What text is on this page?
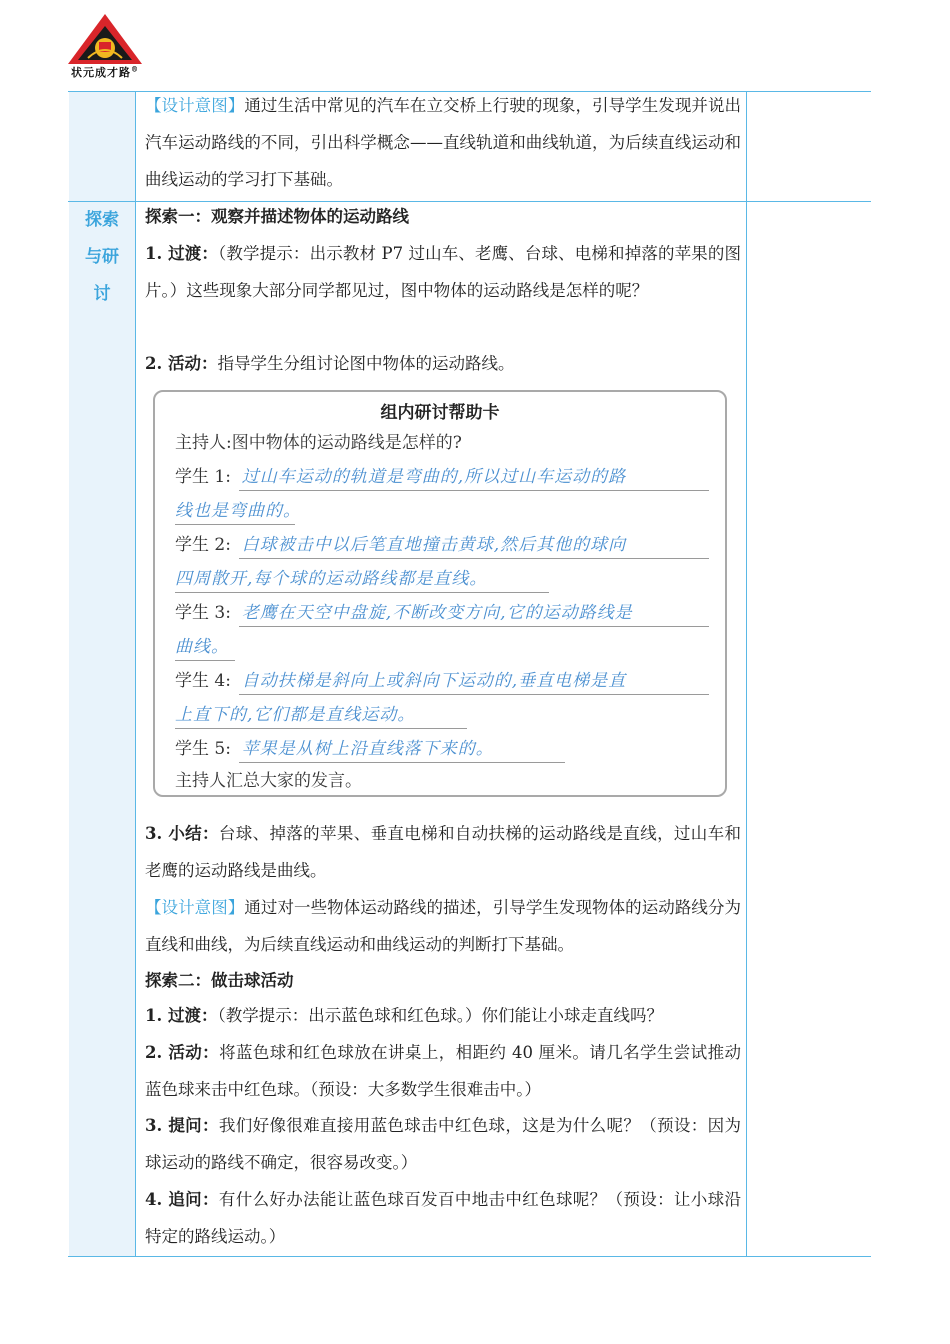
状元成才路®
探索
与研
讨
【设计意图】通过生活中常见的汽车在立交桥上行驶的现象，引导学生发现并说出汽车运动路线的不同，引出科学概念——直线轨道和曲线轨道，为后续直线运动和曲线运动的学习打下基础。
探索一：观察并描述物体的运动路线
1. 过渡：（教学提示：出示教材 P7 过山车、老鹰、台球、电梯和掉落的苹果的图片。）这些现象大部分同学都见过，图中物体的运动路线是怎样的呢？
2. 活动：指导学生分组讨论图中物体的运动路线。
组内研讨帮助卡
主持人:图中物体的运动路线是怎样的?
学生 1: 过山车运动的轨道是弯曲的,所以过山车运动的路
线也是弯曲的。
学生 2: 白球被击中以后笔直地撞击黄球,然后其他的球向
四周散开,每个球的运动路线都是直线。
学生 3: 老鹰在天空中盘旋,不断改变方向,它的运动路线是
曲线。
学生 4: 自动扶梯是斜向上或斜向下运动的,垂直电梯是直
上直下的,它们都是直线运动。
学生 5: 苹果是从树上沿直线落下来的。
主持人汇总大家的发言。
3. 小结：台球、掉落的苹果、垂直电梯和自动扶梯的运动路线是直线，过山车和老鹰的运动路线是曲线。
【设计意图】通过对一些物体运动路线的描述，引导学生发现物体的运动路线分为直线和曲线，为后续直线运动和曲线运动的判断打下基础。
探索二：做击球活动
1. 过渡：（教学提示：出示蓝色球和红色球。）你们能让小球走直线吗？
2. 活动：将蓝色球和红色球放在讲桌上，相距约 40 厘米。请几名学生尝试推动蓝色球来击中红色球。（预设：大多数学生很难击中。）
3. 提问：我们好像很难直接用蓝色球击中红色球，这是为什么呢？（预设：因为球运动的路线不确定，很容易改变。）
4. 追问：有什么好办法能让蓝色球百发百中地击中红色球呢？（预设：让小球沿特定的路线运动。）
